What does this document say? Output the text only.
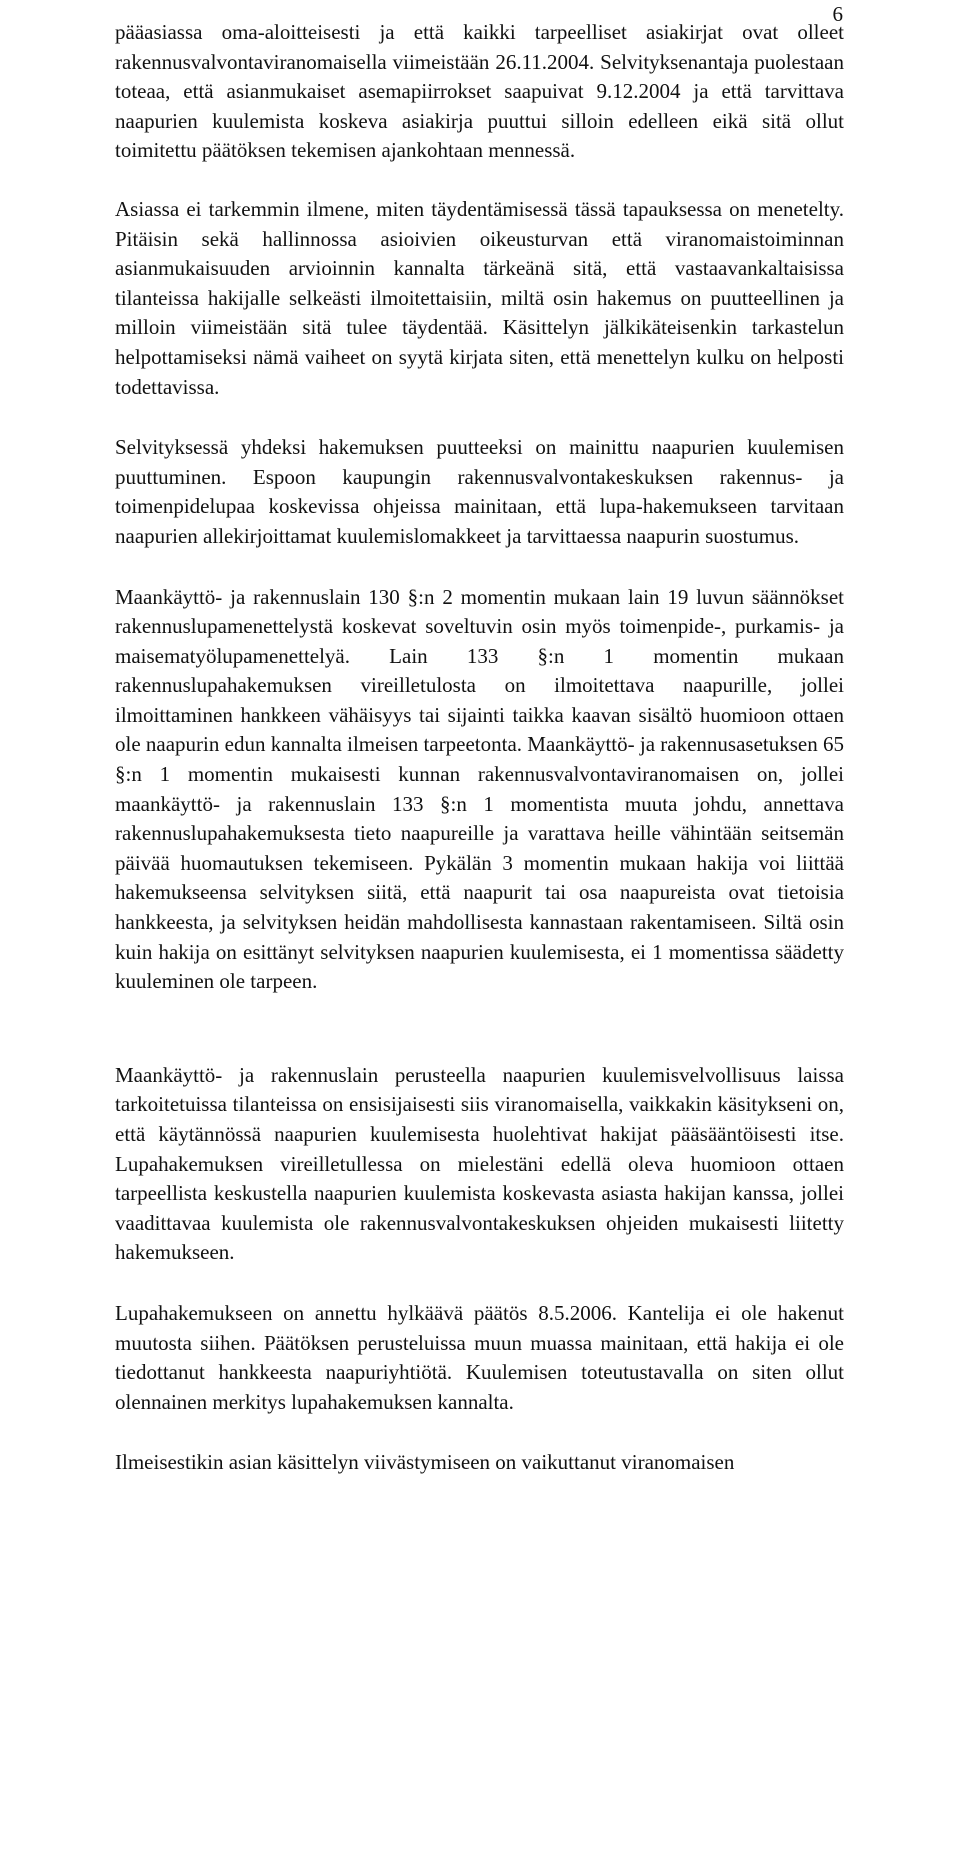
6

pääasiassa oma-aloitteisesti ja että kaikki tarpeelliset asiakirjat ovat olleet rakennusvalvontaviranomaisella viimeistään 26.11.2004. Selvityksenantaja puolestaan toteaa, että asianmukaiset asemapiirrokset saapuivat 9.12.2004 ja että tarvittava naapurien kuulemista koskeva asiakirja puuttui silloin edelleen eikä sitä ollut toimitettu päätöksen tekemisen ajankohtaan mennessä.

Asiassa ei tarkemmin ilmene, miten täydentämisessä tässä tapauksessa on menetelty. Pitäisin sekä hallinnossa asioivien oikeusturvan että viranomaistoiminnan asianmukaisuuden arvioinnin kannalta tärkeänä sitä, että vastaavankaltaisissa tilanteissa hakijalle selkeästi ilmoitettaisiin, miltä osin hakemus on puutteellinen ja milloin viimeistään sitä tulee täydentää. Käsittelyn jälkikäteisenkin tarkastelun helpottamiseksi nämä vaiheet on syytä kirjata siten, että menettelyn kulku on helposti todettavissa.

Selvityksessä yhdeksi hakemuksen puutteeksi on mainittu naapurien kuulemisen puuttuminen. Espoon kaupungin rakennusvalvontakeskuksen rakennus- ja toimenpidelupaa koskevissa ohjeissa mainitaan, että lupa-hakemukseen tarvitaan naapurien allekirjoittamat kuulemislomakkeet ja tarvittaessa naapurin suostumus.

Maankäyttö- ja rakennuslain 130 §:n 2 momentin mukaan lain 19 luvun säännökset rakennuslupamenettelystä koskevat soveltuvin osin myös toimenpide-, purkamis- ja maisematyölupamenettelyä. Lain 133 §:n 1 momentin mukaan rakennuslupahakemuksen vireilletulosta on ilmoitettava naapurille, jollei ilmoittaminen hankkeen vähäisyys tai sijainti taikka kaavan sisältö huomioon ottaen ole naapurin edun kannalta ilmeisen tarpeetonta. Maankäyttö- ja rakennusasetuksen 65 §:n 1 momentin mukaisesti kunnan rakennusvalvontaviranomaisen on, jollei maankäyttö- ja rakennuslain 133 §:n 1 momentista muuta johdu, annettava rakennuslupahakemuksesta tieto naapureille ja varattava heille vähintään seitsemän päivää huomautuksen tekemiseen. Pykälän 3 momentin mukaan hakija voi liittää hakemukseensa selvityksen siitä, että naapurit tai osa naapureista ovat tietoisia hankkeesta, ja selvityksen heidän mahdollisesta kannastaan rakentamiseen. Siltä osin kuin hakija on esittänyt selvityksen naapurien kuulemisesta, ei 1 momentissa säädetty kuuleminen ole tarpeen.

Maankäyttö- ja rakennuslain perusteella naapurien kuulemisvelvollisuus laissa tarkoitetuissa tilanteissa on ensisijaisesti siis viranomaisella, vaikkakin käsitykseni on, että käytännössä naapurien kuulemisesta huolehtivat hakijat pääsääntöisesti itse. Lupahakemuksen vireilletullessa on mielestäni edellä oleva huomioon ottaen tarpeellista keskustella naapurien kuulemista koskevasta asiasta hakijan kanssa, jollei vaadittavaa kuulemista ole rakennusvalvontakeskuksen ohjeiden mukaisesti liitetty hakemukseen.

Lupahakemukseen on annettu hylkäävä päätös 8.5.2006. Kantelija ei ole hakenut muutosta siihen. Päätöksen perusteluissa muun muassa mainitaan, että hakija ei ole tiedottanut hankkeesta naapuriyhtiötä. Kuulemisen toteutustavalla on siten ollut olennainen merkitys lupahakemuksen kannalta.

Ilmeisestikin asian käsittelyn viivästymiseen on vaikuttanut viranomaisen
